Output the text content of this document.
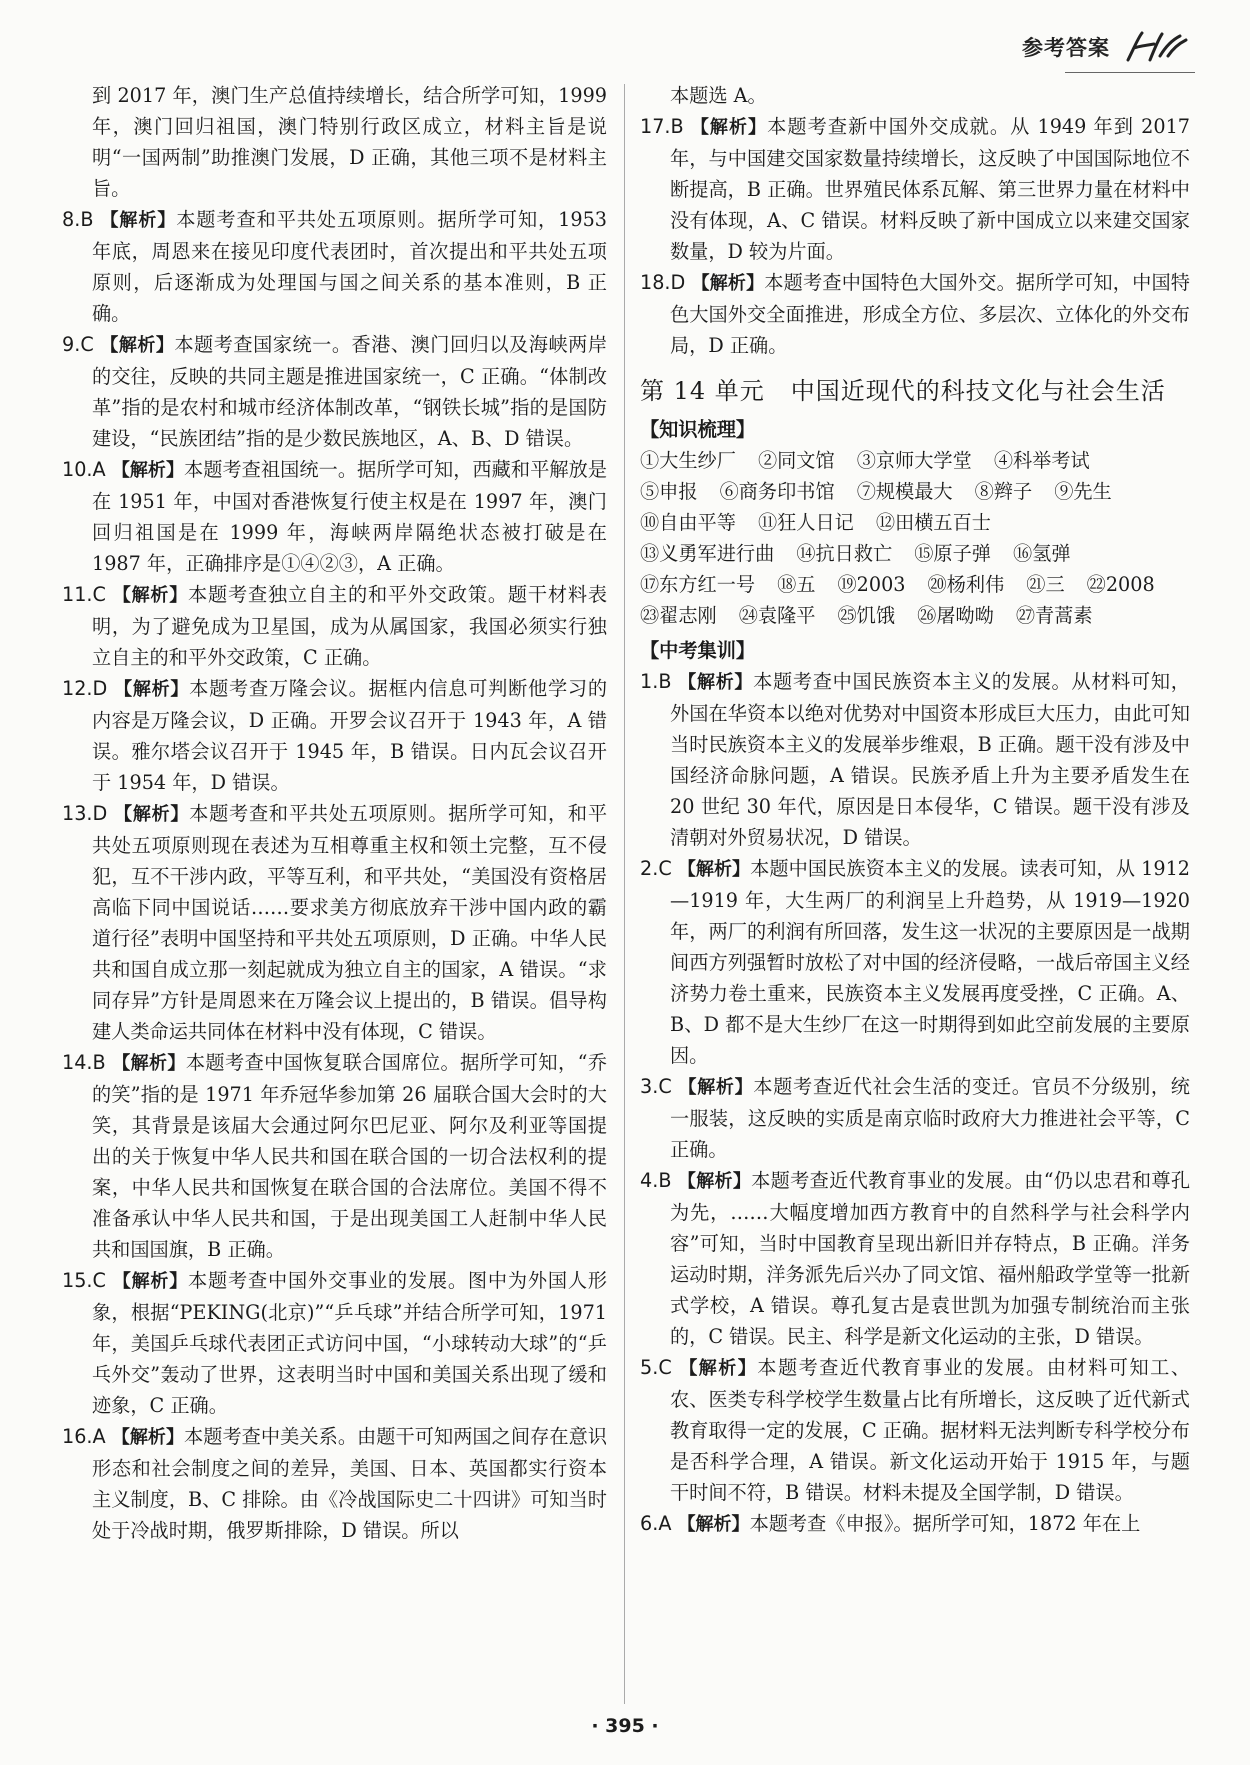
参考答案

到 2017 年，澳门生产总值持续增长，结合所学可知，1999 年，澳门回归祖国，澳门特别行政区成立，材料主旨是说明“一国两制”助推澳门发展，D 正确，其他三项不是材料主旨。

8.B 【解析】本题考查和平共处五项原则。据所学可知，1953 年底，周恩来在接见印度代表团时，首次提出和平共处五项原则，后逐渐成为处理国与国之间关系的基本准则，B 正确。

9.C 【解析】本题考查国家统一。香港、澳门回归以及海峡两岸的交往，反映的共同主题是推进国家统一，C 正确。“体制改革”指的是农村和城市经济体制改革，“钢铁长城”指的是国防建设，“民族团结”指的是少数民族地区，A、B、D 错误。

10.A 【解析】本题考查祖国统一。据所学可知，西藏和平解放是在 1951 年，中国对香港恢复行使主权是在 1997 年，澳门回归祖国是在 1999 年，海峡两岸隔绝状态被打破是在 1987 年，正确排序是①④②③，A 正确。

11.C 【解析】本题考查独立自主的和平外交政策。题干材料表明，为了避免成为卫星国，成为从属国家，我国必须实行独立自主的和平外交政策，C 正确。

12.D 【解析】本题考查万隆会议。据框内信息可判断他学习的内容是万隆会议，D 正确。开罗会议召开于 1943 年，A 错误。雅尔塔会议召开于 1945 年，B 错误。日内瓦会议召开于 1954 年，D 错误。

13.D 【解析】本题考查和平共处五项原则。据所学可知，和平共处五项原则现在表述为互相尊重主权和领土完整，互不侵犯，互不干涉内政，平等互利，和平共处，“美国没有资格居高临下同中国说话……要求美方彻底放弃干涉中国内政的霸道行径”表明中国坚持和平共处五项原则，D 正确。中华人民共和国自成立那一刻起就成为独立自主的国家，A 错误。“求同存异”方针是周恩来在万隆会议上提出的，B 错误。倡导构建人类命运共同体在材料中没有体现，C 错误。

14.B 【解析】本题考查中国恢复联合国席位。据所学可知，“乔的笑”指的是 1971 年乔冠华参加第 26 届联合国大会时的大笑，其背景是该届大会通过阿尔巴尼亚、阿尔及利亚等国提出的关于恢复中华人民共和国在联合国的一切合法权利的提案，中华人民共和国恢复在联合国的合法席位。美国不得不准备承认中华人民共和国，于是出现美国工人赶制中华人民共和国国旗，B 正确。

15.C 【解析】本题考查中国外交事业的发展。图中为外国人形象，根据“PEKING(北京)”“乒乓球”并结合所学可知，1971 年，美国乒乓球代表团正式访问中国，“小球转动大球”的“乒乓外交”轰动了世界，这表明当时中国和美国关系出现了缓和迹象，C 正确。

16.A 【解析】本题考查中美关系。由题干可知两国之间存在意识形态和社会制度之间的差异，美国、日本、英国都实行资本主义制度，B、C 排除。由《冷战国际史二十四讲》可知当时处于冷战时期，俄罗斯排除，D 错误。所以

本题选 A。

17.B 【解析】本题考查新中国外交成就。从 1949 年到 2017 年，与中国建交国家数量持续增长，这反映了中国国际地位不断提高，B 正确。世界殖民体系瓦解、第三世界力量在材料中没有体现，A、C 错误。材料反映了新中国成立以来建交国家数量，D 较为片面。

18.D 【解析】本题考查中国特色大国外交。据所学可知，中国特色大国外交全面推进，形成全方位、多层次、立体化的外交布局，D 正确。

第 14 单元 中国近现代的科技文化与社会生活
【知识梳理】
①大生纱厂 ②同文馆 ③京师大学堂 ④科举考试
⑤申报 ⑥商务印书馆 ⑦规模最大 ⑧辫子 ⑨先生
⑩自由平等 ⑪狂人日记 ⑫田横五百士
⑬义勇军进行曲 ⑭抗日救亡 ⑮原子弹 ⑯氢弹
⑰东方红一号 ⑱五 ⑲2003 ⑳杨利伟 ㉑三 ㉒2008
㉓翟志刚 ㉔袁隆平 ㉕饥饿 ㉖屠呦呦 ㉗青蒿素
【中考集训】

1.B 【解析】本题考查中国民族资本主义的发展。从材料可知，外国在华资本以绝对优势对中国资本形成巨大压力，由此可知当时民族资本主义的发展举步维艰，B 正确。题干没有涉及中国经济命脉问题，A 错误。民族矛盾上升为主要矛盾发生在 20 世纪 30 年代，原因是日本侵华，C 错误。题干没有涉及清朝对外贸易状况，D 错误。

2.C 【解析】本题中国民族资本主义的发展。读表可知，从 1912—1919 年，大生两厂的利润呈上升趋势，从 1919—1920 年，两厂的利润有所回落，发生这一状况的主要原因是一战期间西方列强暂时放松了对中国的经济侵略，一战后帝国主义经济势力卷土重来，民族资本主义发展再度受挫，C 正确。A、B、D 都不是大生纱厂在这一时期得到如此空前发展的主要原因。

3.C 【解析】本题考查近代社会生活的变迁。官员不分级别，统一服装，这反映的实质是南京临时政府大力推进社会平等，C 正确。

4.B 【解析】本题考查近代教育事业的发展。由“仍以忠君和尊孔为先，……大幅度增加西方教育中的自然科学与社会科学内容”可知，当时中国教育呈现出新旧并存特点，B 正确。洋务运动时期，洋务派先后兴办了同文馆、福州船政学堂等一批新式学校，A 错误。尊孔复古是袁世凯为加强专制统治而主张的，C 错误。民主、科学是新文化运动的主张，D 错误。

5.C 【解析】本题考查近代教育事业的发展。由材料可知工、农、医类专科学校学生数量占比有所增长，这反映了近代新式教育取得一定的发展，C 正确。据材料无法判断专科学校分布是否科学合理，A 错误。新文化运动开始于 1915 年，与题干时间不符，B 错误。材料未提及全国学制，D 错误。

6.A 【解析】本题考查《申报》。据所学可知，1872 年在上

· 395 ·
